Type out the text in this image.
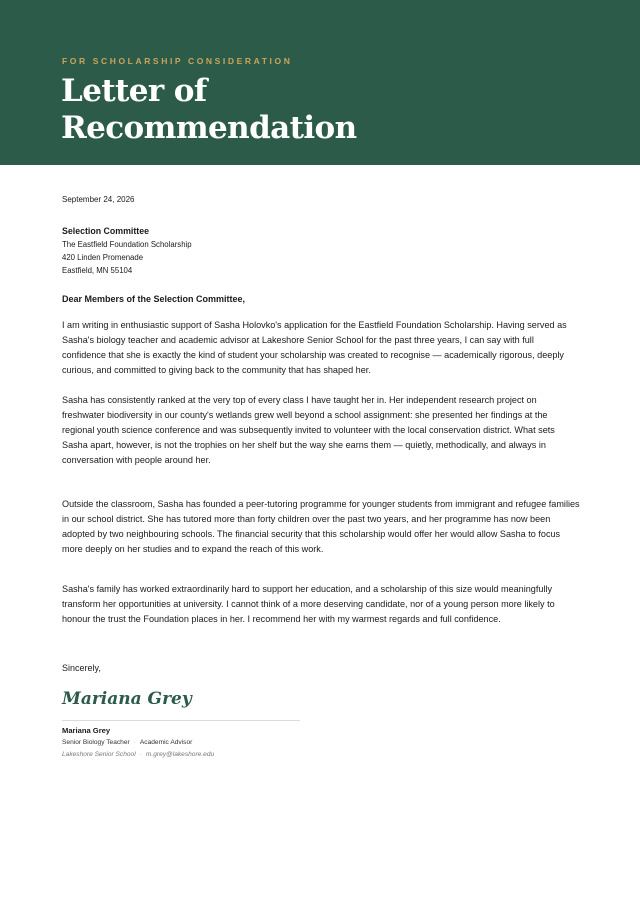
FOR SCHOLARSHIP CONSIDERATION
Letter of
Recommendation
September 24, 2026
Selection Committee
The Eastfield Foundation Scholarship
420 Linden Promenade
Eastfield, MN 55104
Dear Members of the Selection Committee,

I am writing in enthusiastic support of Sasha Holovko's application for the Eastfield Foundation Scholarship. Having served as Sasha's biology teacher and academic advisor at Lakeshore Senior School for the past three years, I can say with full confidence that she is exactly the kind of student your scholarship was created to recognise — academically rigorous, deeply curious, and committed to giving back to the community that has shaped her.

Sasha has consistently ranked at the very top of every class I have taught her in. Her independent research project on freshwater biodiversity in our county's wetlands grew well beyond a school assignment: she presented her findings at the regional youth science conference and was subsequently invited to volunteer with the local conservation district. What sets Sasha apart, however, is not the trophies on her shelf but the way she earns them — quietly, methodically, and always in conversation with people around her.

Outside the classroom, Sasha has founded a peer-tutoring programme for younger students from immigrant and refugee families in our school district. She has tutored more than forty children over the past two years, and her programme has now been adopted by two neighbouring schools. The financial security that this scholarship would offer her would allow Sasha to focus more deeply on her studies and to expand the reach of this work.

Sasha's family has worked extraordinarily hard to support her education, and a scholarship of this size would meaningfully transform her opportunities at university. I cannot think of a more deserving candidate, nor of a young person more likely to honour the trust the Foundation places in her. I recommend her with my warmest regards and full confidence.

Sincerely,
Mariana Grey
Mariana Grey
Senior Biology Teacher · Academic Advisor
Lakeshore Senior School · m.grey@lakeshore.edu
